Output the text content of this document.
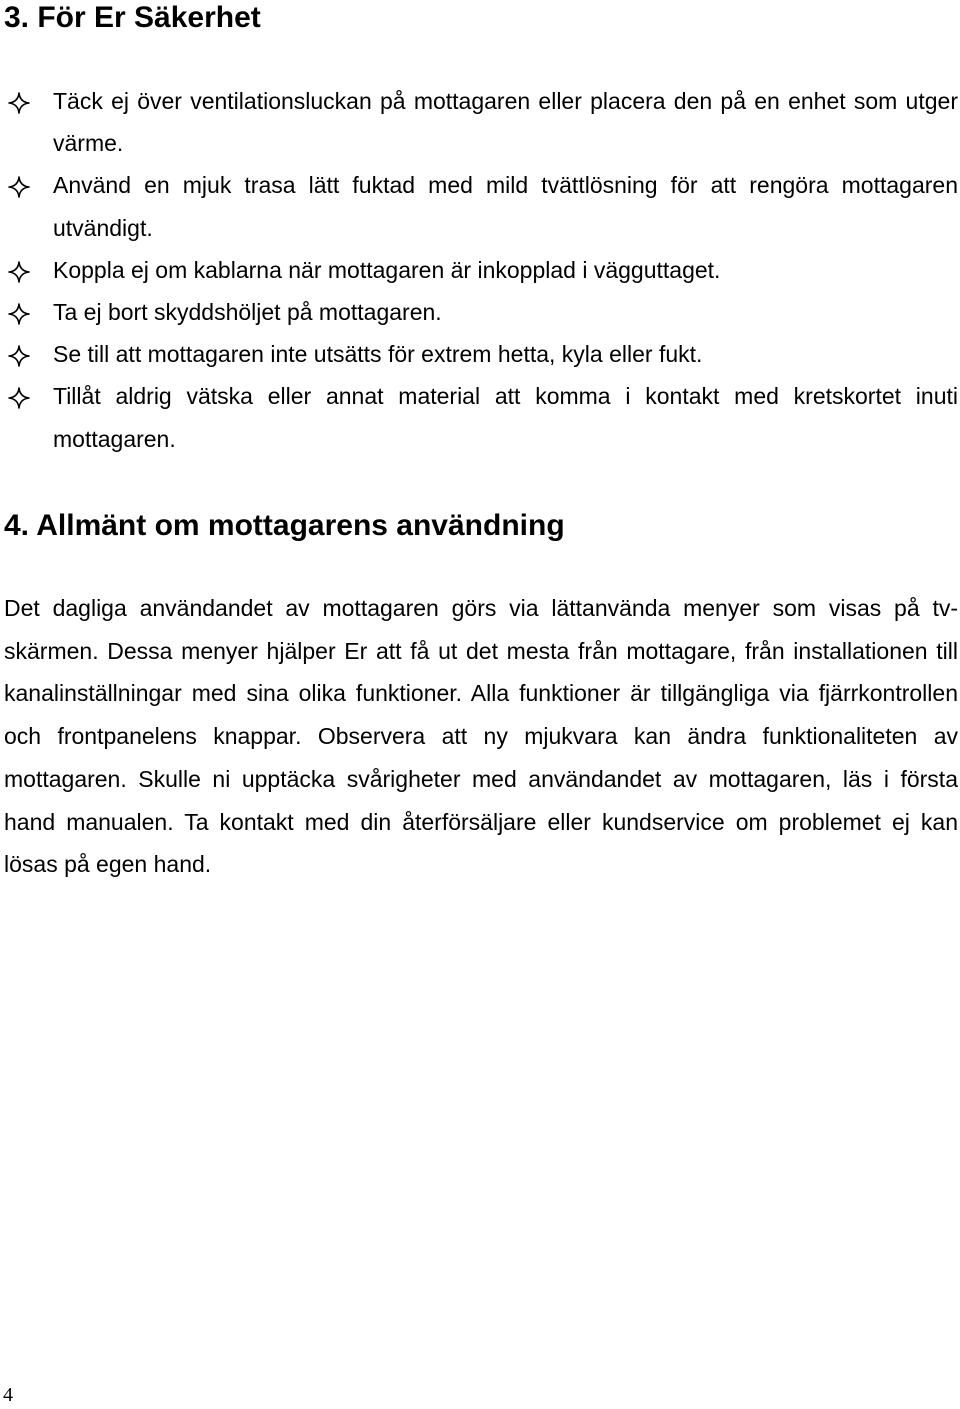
3. För Er Säkerhet
Täck ej över ventilationsluckan på mottagaren eller placera den på en enhet som utger värme.
Använd en mjuk trasa lätt fuktad med mild tvättlösning för att rengöra mottagaren utvändigt.
Koppla ej om kablarna när mottagaren är inkopplad i vägguttaget.
Ta ej bort skyddshöljet på mottagaren.
Se till att mottagaren inte utsätts för extrem hetta, kyla eller fukt.
Tillåt aldrig vätska eller annat material att komma i kontakt med kretskortet inuti mottagaren.
4. Allmänt om mottagarens användning

Det dagliga användandet av mottagaren görs via lättanvända menyer som visas på tv-skärmen. Dessa menyer hjälper Er att få ut det mesta från mottagare, från installationen till kanalinställningar med sina olika funktioner. Alla funktioner är tillgängliga via fjärrkontrollen och frontpanelens knappar. Observera att ny mjukvara kan ändra funktionaliteten av mottagaren. Skulle ni upptäcka svårigheter med användandet av mottagaren, läs i första hand manualen. Ta kontakt med din återförsäljare eller kundservice om problemet ej kan lösas på egen hand.

4
